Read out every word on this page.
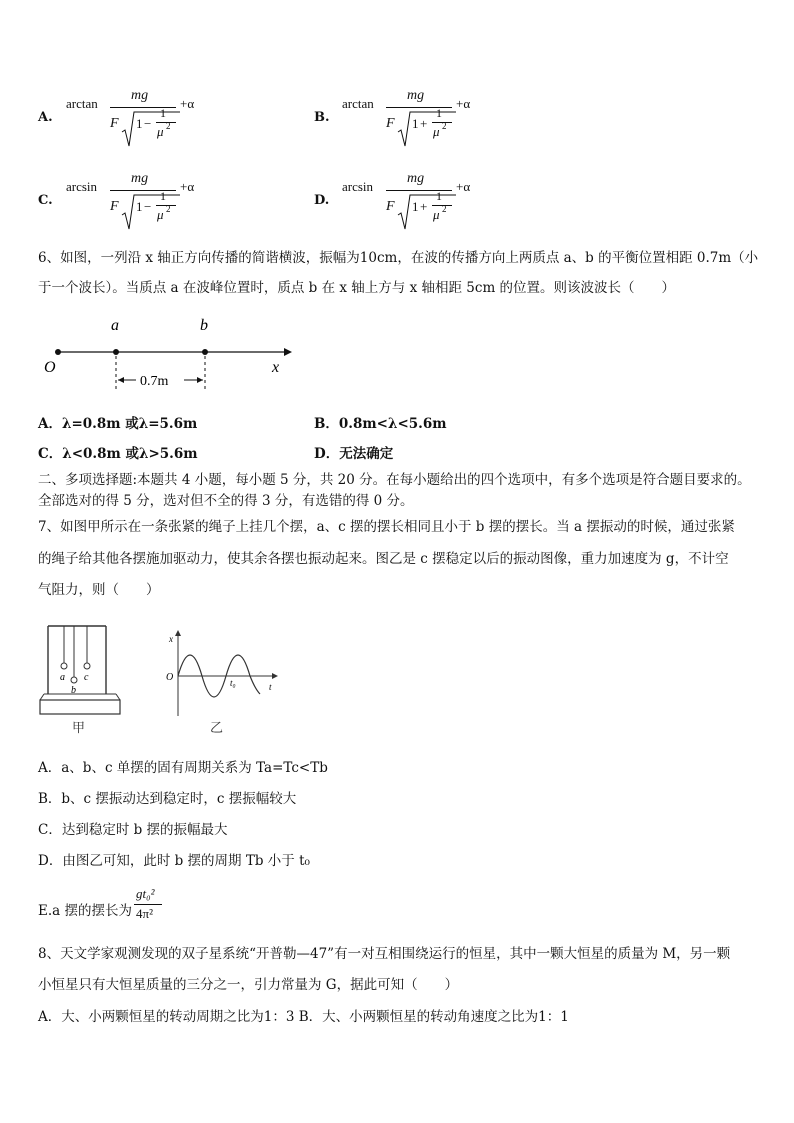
A.
arctan
mg
F 1 −
1
μ 2
+α
B.
arctan
mg
F 1 +
1
μ 2
+α
C.
arcsin
mg
F 1 −
1
μ 2
+α
D.
arcsin
mg
F 1 +
1
μ 2
+α
6、如图，一列沿 x 轴正方向传播的简谐横波，振幅为10cm，在波的传播方向上两质点 a、b 的平衡位置相距 0.7m（小
于一个波长）。当质点 a 在波峰位置时，质点 b 在 x 轴上方与 x 轴相距 5cm 的位置。则该波波长（　　）
a	b
O	x
0.7m
A．λ=0.8m 或λ=5.6m	B．0.8m<λ<5.6m
C．λ<0.8m 或λ>5.6m	D．无法确定
二、多项选择题:本题共 4 小题，每小题 5 分，共 20 分。在每小题给出的四个选项中，有多个选项是符合题目要求的。
全部选对的得 5 分，选对但不全的得 3 分，有选错的得 0 分。
7、如图甲所示在一条张紧的绳子上挂几个摆，a、c 摆的摆长相同且小于 b 摆的摆长。当 a 摆振动的时候，通过张紧
的绳子给其他各摆施加驱动力，使其余各摆也振动起来。图乙是 c 摆稳定以后的振动图像，重力加速度为 g，不计空
气阻力，则（　　）
a
b
c
甲
x
O
t
t₀
乙
A．a、b、c 单摆的固有周期关系为 Ta=Tc<Tb
B．b、c 摆振动达到稳定时，c 摆振幅较大
C．达到稳定时 b 摆的振幅最大
D．由图乙可知，此时 b 摆的周期 Tb 小于 t₀
E.a 摆的摆长为
gt₀²
4π²
8、天文学家观测发现的双子星系统“开普勒—47”有一对互相围绕运行的恒星，其中一颗大恒星的质量为 M，另一颗
小恒星只有大恒星质量的三分之一，引力常量为 G，据此可知（　　）
A．大、小两颗恒星的转动周期之比为1：3 B．大、小两颗恒星的转动角速度之比为1：1
